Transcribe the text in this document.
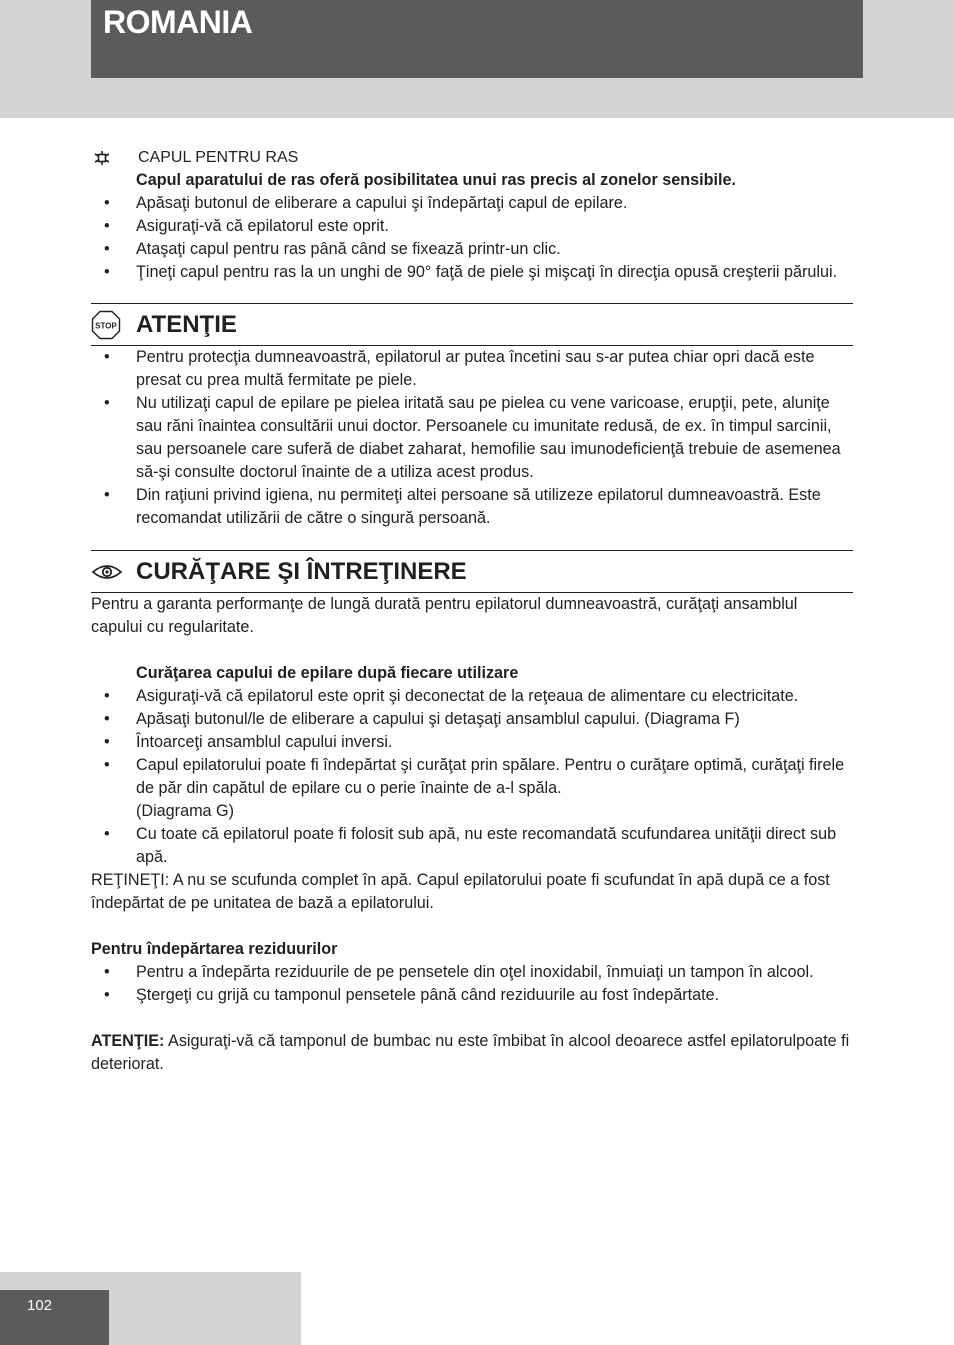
ROMANIA
CAPUL PENTRU RAS
Capul aparatului de ras oferă posibilitatea unui ras precis al zonelor sensibile.
• Apăsaţi butonul de eliberare a capului şi îndepărtaţi capul de epilare.
• Asiguraţi-vă că epilatorul este oprit.
• Ataşaţi capul pentru ras până când se fixează printr-un clic.
• Ţineţi capul pentru ras la un unghi de 90° faţă de piele şi mişcaţi în direcţia opusă creşterii părului.
STOP ATENŢIE
• Pentru protecţia dumneavoastră, epilatorul ar putea încetini sau s-ar putea chiar opri dacă este presat cu prea multă fermitate pe piele.
• Nu utilizaţi capul de epilare pe pielea iritată sau pe pielea cu vene varicoase, erupţii, pete, aluniţe sau răni înaintea consultării unui doctor. Persoanele cu imunitate redusă, de ex. în timpul sarcinii, sau persoanele care suferă de diabet zaharat, hemofilie sau imunodeficienţă trebuie de asemenea să-şi consulte doctorul înainte de a utiliza acest produs.
• Din raţiuni privind igiena, nu permiteţi altei persoane să utilizeze epilatorul dumneavoastră. Este recomandat utilizării de către o singură persoană.
CURĂŢARE ŞI ÎNTREŢINERE

Pentru a garanta performanţe de lungă durată pentru epilatorul dumneavoastră, curăţaţi ansamblul capului cu regularitate.

Curăţarea capului de epilare după fiecare utilizare
• Asiguraţi-vă că epilatorul este oprit şi deconectat de la reţeaua de alimentare cu electricitate.
• Apăsaţi butonul/le de eliberare a capului şi detaşaţi ansamblul capului. (Diagrama F)
• Întoarceţi ansamblul capului inversi.
• Capul epilatorului poate fi îndepărtat şi curăţat prin spălare. Pentru o curăţare optimă, curăţaţi firele de păr din capătul de epilare cu o perie înainte de a-l spăla.
(Diagrama G)
• Cu toate că epilatorul poate fi folosit sub apă, nu este recomandată scufundarea unităţii direct sub apă.

REŢINEŢI: A nu se scufunda complet în apă. Capul epilatorului poate fi scufundat în apă după ce a fost îndepărtat de pe unitatea de bază a epilatorului.

Pentru îndepărtarea reziduurilor
• Pentru a îndepărta reziduurile de pe pensetele din oţel inoxidabil, înmuiaţi un tampon în alcool.
• Ştergeţi cu grijă cu tamponul pensetele până când reziduurile au fost îndepărtate.

ATENŢIE: Asiguraţi-vă că tamponul de bumbac nu este îmbibat în alcool deoarece astfel epilatorulpoate fi deteriorat.

102
